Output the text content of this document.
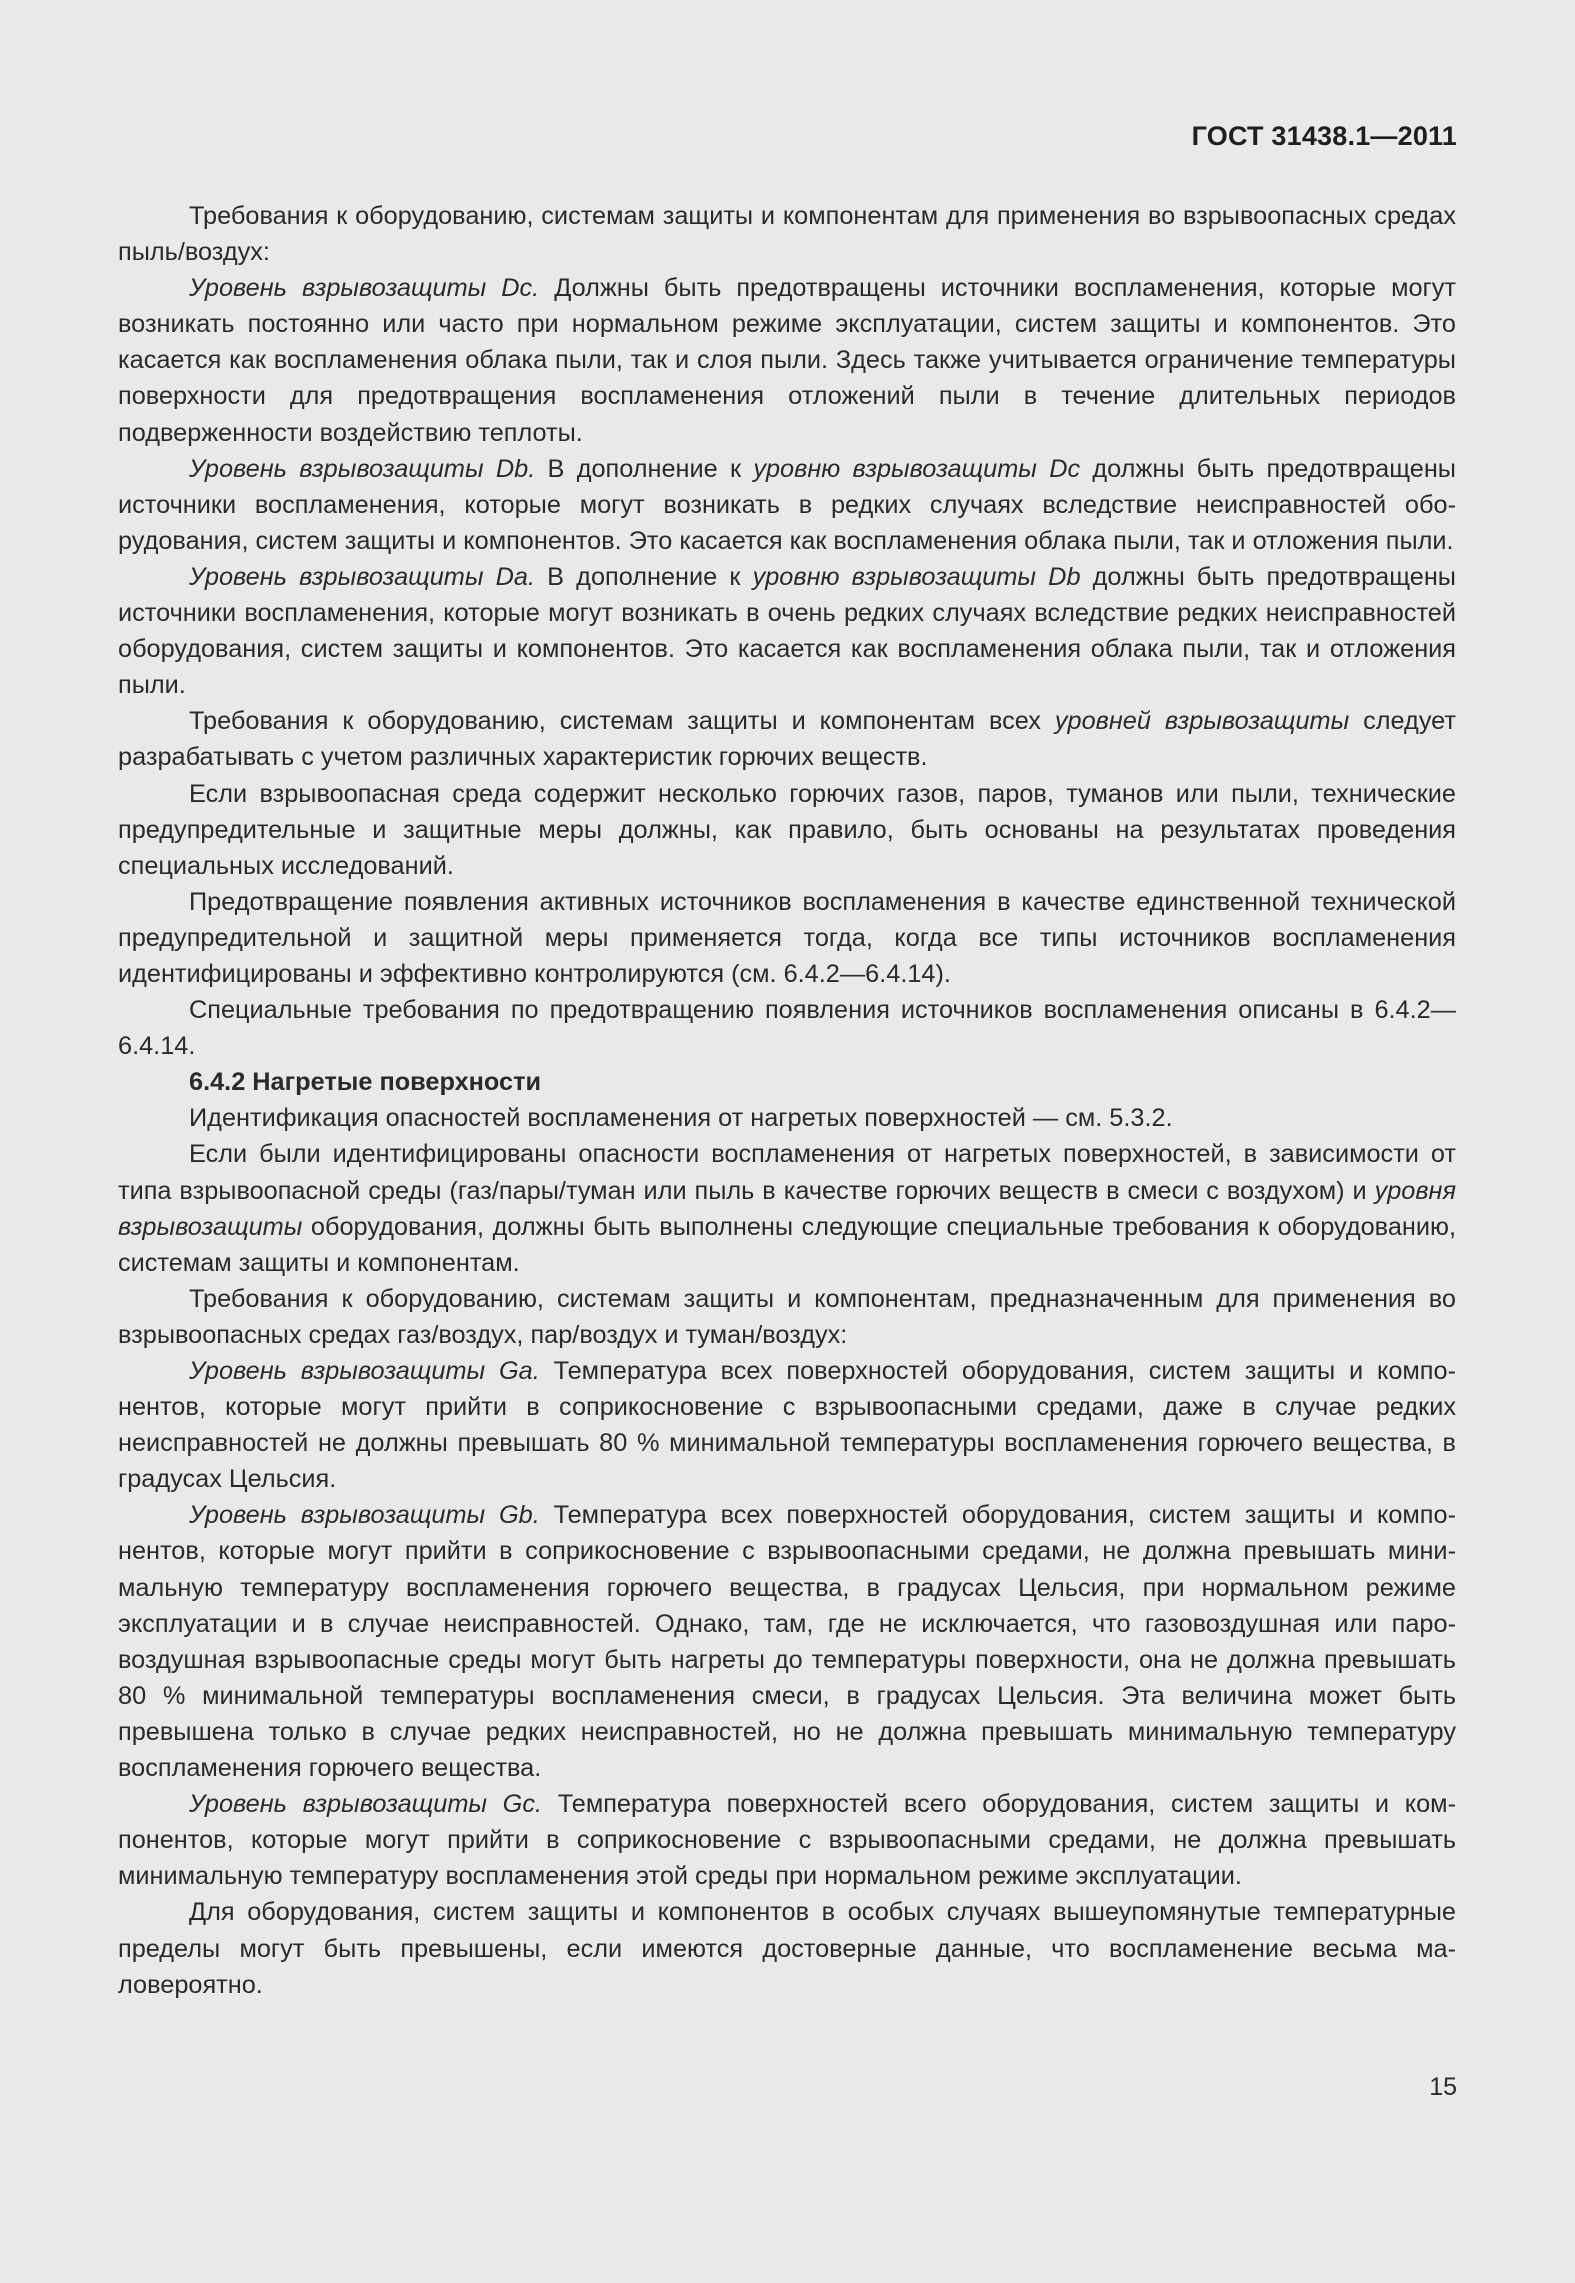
ГОСТ 31438.1—2011

Требования к оборудованию, системам защиты и компонентам для применения во взрывоопасных средах пыль/воздух:

Уровень взрывозащиты Dc. Должны быть предотвращены источники воспламенения, которые могут возникать постоянно или часто при нормальном режиме эксплуатации, систем защиты и компонентов. Это касается как воспламенения облака пыли, так и слоя пыли. Здесь также учитывается ограничение температуры поверхности для предотвращения воспламенения отложений пыли в течение длительных периодов подверженности воздействию теплоты.

Уровень взрывозащиты Db. В дополнение к уровню взрывозащиты Dc должны быть предотвращены источники воспламенения, которые могут возникать в редких случаях вследствие неисправностей оборудования, систем защиты и компонентов. Это касается как воспламенения облака пыли, так и отложения пыли.

Уровень взрывозащиты Da. В дополнение к уровню взрывозащиты Db должны быть предотвращены источники воспламенения, которые могут возникать в очень редких случаях вследствие редких неисправностей оборудования, систем защиты и компонентов. Это касается как воспламенения облака пыли, так и отложения пыли.

Требования к оборудованию, системам защиты и компонентам всех уровней взрывозащиты следует разрабатывать с учетом различных характеристик горючих веществ.

Если взрывоопасная среда содержит несколько горючих газов, паров, туманов или пыли, технические предупредительные и защитные меры должны, как правило, быть основаны на результатах проведения специальных исследований.

Предотвращение появления активных источников воспламенения в качестве единственной технической предупредительной и защитной меры применяется тогда, когда все типы источников воспламенения идентифицированы и эффективно контролируются (см. 6.4.2—6.4.14).

Специальные требования по предотвращению появления источников воспламенения описаны в 6.4.2—6.4.14.

6.4.2 Нагретые поверхности

Идентификация опасностей воспламенения от нагретых поверхностей — см. 5.3.2.

Если были идентифицированы опасности воспламенения от нагретых поверхностей, в зависимости от типа взрывоопасной среды (газ/пары/туман или пыль в качестве горючих веществ в смеси с воздухом) и уровня взрывозащиты оборудования, должны быть выполнены следующие специальные требования к оборудованию, системам защиты и компонентам.

Требования к оборудованию, системам защиты и компонентам, предназначенным для применения во взрывоопасных средах газ/воздух, пар/воздух и туман/воздух:

Уровень взрывозащиты Ga. Температура всех поверхностей оборудования, систем защиты и компонентов, которые могут прийти в соприкосновение с взрывоопасными средами, даже в случае редких неисправностей не должны превышать 80 % минимальной температуры воспламенения горючего вещества, в градусах Цельсия.

Уровень взрывозащиты Gb. Температура всех поверхностей оборудования, систем защиты и компонентов, которые могут прийти в соприкосновение с взрывоопасными средами, не должна превышать минимальную температуру воспламенения горючего вещества, в градусах Цельсия, при нормальном режиме эксплуатации и в случае неисправностей. Однако, там, где не исключается, что газовоздушная или паровоздушная взрывоопасные среды могут быть нагреты до температуры поверхности, она не должна превышать 80 % минимальной температуры воспламенения смеси, в градусах Цельсия. Эта величина может быть превышена только в случае редких неисправностей, но не должна превышать минимальную температуру воспламенения горючего вещества.

Уровень взрывозащиты Gc. Температура поверхностей всего оборудования, систем защиты и компонентов, которые могут прийти в соприкосновение с взрывоопасными средами, не должна превышать минимальную температуру воспламенения этой среды при нормальном режиме эксплуатации.

Для оборудования, систем защиты и компонентов в особых случаях вышеупомянутые температурные пределы могут быть превышены, если имеются достоверные данные, что воспламенение весьма маловероятно.

15
